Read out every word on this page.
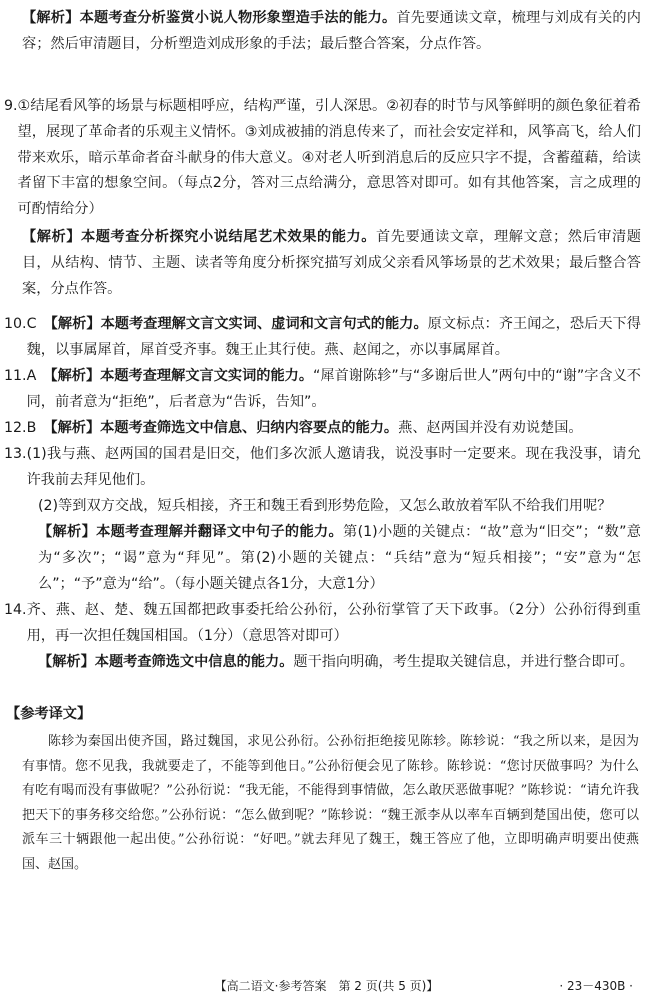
【解析】本题考查分析鉴赏小说人物形象塑造手法的能力。首先要通读文章，梳理与刘成有关的内容；然后审清题目，分析塑造刘成形象的手法；最后整合答案，分点作答。
9. ①结尾看风筝的场景与标题相呼应，结构严谨，引人深思。②初春的时节与风筝鲜明的颜色象征着希望，展现了革命者的乐观主义情怀。③刘成被捕的消息传来了，而社会安定祥和，风筝高飞，给人们带来欢乐，暗示革命者奋斗献身的伟大意义。④对老人听到消息后的反应只字不提，含蓄蕴藉，给读者留下丰富的想象空间。（每点2分，答对三点给满分，意思答对即可。如有其他答案，言之成理的可酌情给分）
【解析】本题考查分析探究小说结尾艺术效果的能力。首先要通读文章，理解文意；然后审清题目，从结构、情节、主题、读者等角度分析探究描写刘成父亲看风筝场景的艺术效果；最后整合答案，分点作答。
10. C　 【解析】本题考查理解文言文实词、虚词和文言句式的能力。原文标点：齐王闻之，恐后天下得魏，以事属犀首，犀首受齐事。魏王止其行使。燕、赵闻之，亦以事属犀首。
11. A　 【解析】本题考查理解文言文实词的能力。“犀首谢陈轸”与“多谢后世人”两句中的“谢”字含义不同，前者意为“拒绝”，后者意为“告诉，告知”。
12. B　 【解析】本题考查筛选文中信息、归纳内容要点的能力。燕、赵两国并没有劝说楚国。
13. (1)我与燕、赵两国的国君是旧交，他们多次派人邀请我，说没事时一定要来。现在我没事，请允许我前去拜见他们。
(2)等到双方交战，短兵相接，齐王和魏王看到形势危险，又怎么敢放着军队不给我们用呢？
【解析】本题考查理解并翻译文中句子的能力。第(1)小题的关键点：“故”意为“旧交”；“数”意为“多次”；“谒”意为“拜见”。第(2)小题的关键点：“兵结”意为“短兵相接”；“安”意为“怎么”；“予”意为“给”。（每小题关键点各1分，大意1分）
14. 齐、燕、赵、楚、魏五国都把政事委托给公孙衍，公孙衍掌管了天下政事。（2分）公孙衍得到重用，再一次担任魏国相国。（1分）（意思答对即可）
【解析】本题考查筛选文中信息的能力。题干指向明确，考生提取关键信息，并进行整合即可。
【参考译文】
陈轸为秦国出使齐国，路过魏国，求见公孙衍。公孙衍拒绝接见陈轸。陈轸说：“我之所以来，是因为有事情。您不见我，我就要走了，不能等到他日。”公孙衍便会见了陈轸。陈轸说：“您讨厌做事吗？为什么有吃有喝而没有事做呢？”公孙衍说：“我无能，不能得到事情做，怎么敢厌恶做事呢？”陈轸说：“请允许我把天下的事务移交给您。”公孙衍说：“怎么做到呢？”陈轸说：“魏王派李从以率车百辆到楚国出使，您可以派车三十辆跟他一起出使。”公孙衍说：“好吧。”就去拜见了魏王，魏王答应了他，立即明确声明要出使燕国、赵国。
【高二语文·参考答案　第 2 页(共 5 页)】	· 23－430B ·
